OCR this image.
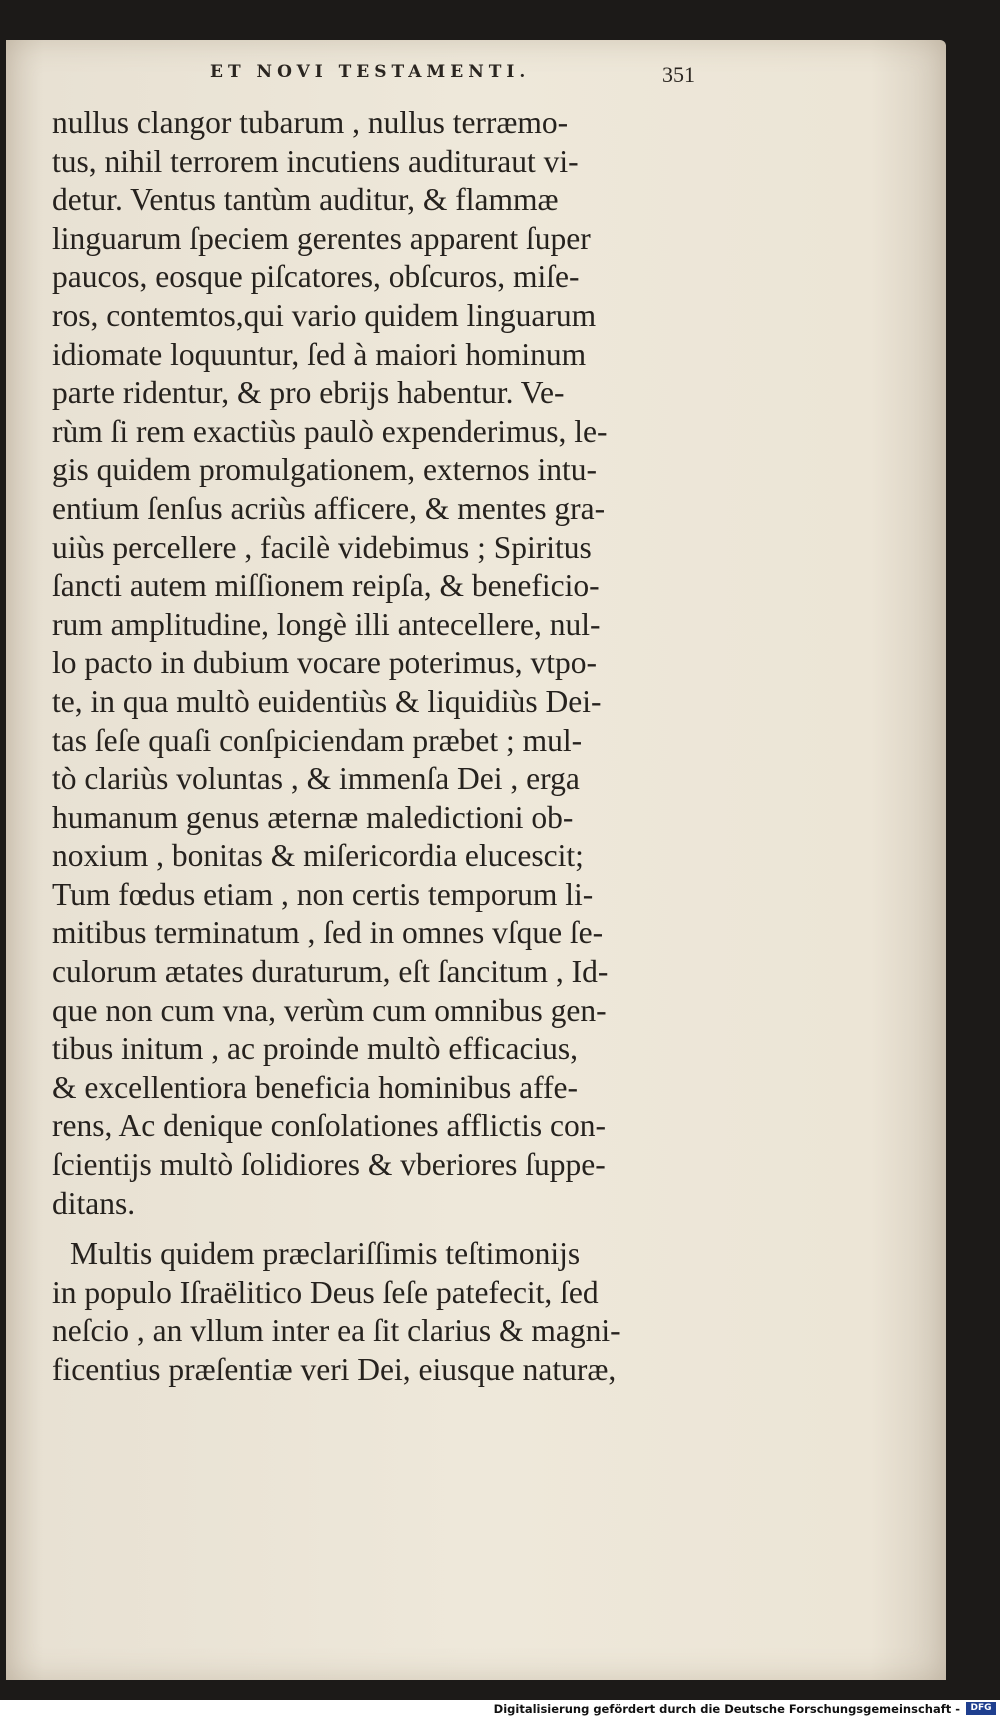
ET NOVI TESTAMENTI.	351
nullus clangor tubarum , nullus terræmo-
tus, nihil terrorem incutiens audituraut vi-
detur. Ventus tantùm auditur, & flammæ
linguarum ſpeciem gerentes apparent ſuper
paucos, eosque piſcatores, obſcuros, miſe-
ros, contemtos,qui vario quidem linguarum
idiomate loquuntur, ſed à maiori hominum
parte ridentur, & pro ebrijs habentur. Ve-
rùm ſi rem exactiùs paulò expenderimus, le-
gis quidem promulgationem, externos intu-
entium ſenſus acriùs afficere, & mentes gra-
uiùs percellere , facilè videbimus ; Spiritus
ſancti autem miſſionem reipſa, & beneficio-
rum amplitudine, longè illi antecellere, nul-
lo pacto in dubium vocare poterimus, vtpo-
te, in qua multò euidentiùs & liquidiùs Dei-
tas ſeſe quaſi conſpiciendam præbet ; mul-
tò clariùs voluntas , & immenſa Dei , erga
humanum genus æternæ maledictioni ob-
noxium , bonitas & miſericordia elucescit;
Tum fœdus etiam , non certis temporum li-
mitibus terminatum , ſed in omnes vſque ſe-
culorum ætates duraturum, eſt ſancitum , Id-
que non cum vna, verùm cum omnibus gen-
tibus initum , ac proinde multò efficacius,
& excellentiora beneficia hominibus affe-
rens, Ac denique conſolationes afflictis con-
ſcientijs multò ſolidiores & vberiores ſuppe-
ditans.
Multis quidem præclariſſimis teſtimonijs
in populo Iſraëlitico Deus ſeſe patefecit, ſed
neſcio , an vllum inter ea ſit clarius & magni-
ficentius præſentiæ veri Dei, eiusque naturæ,
Digitalisierung gefördert durch die Deutsche Forschungsgemeinschaft -	DFG
